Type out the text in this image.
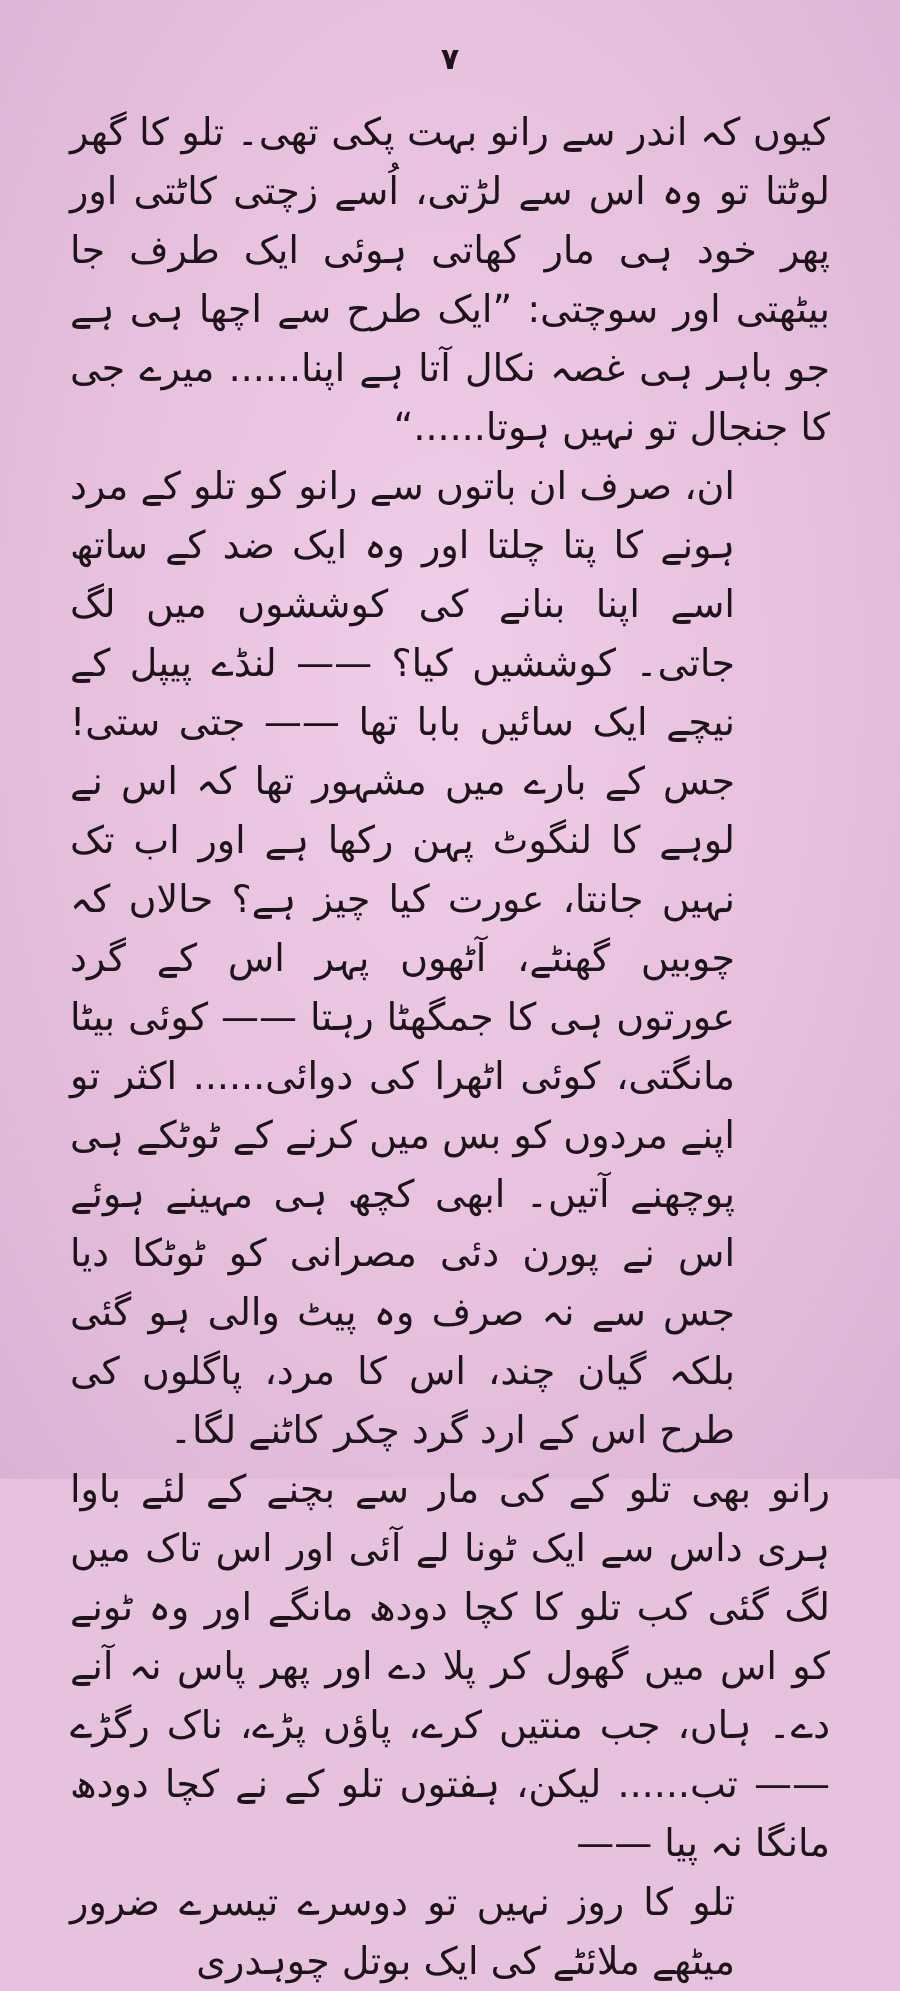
۷

کیوں کہ اندر سے رانو بہت پکی تھی۔ تلو کا گھر لوٹتا تو وہ اس سے لڑتی، اُسے زچتی کاٹتی اور پھر خود ہی مار کھاتی ہوئی ایک طرف جا بیٹھتی اور سوچتی: ”ایک طرح سے اچھا ہی ہے جو باہر ہی غصہ نکال آتا ہے اپنا...... میرے جی کا جنجال تو نہیں ہوتا......“

ان، صرف ان باتوں سے رانو کو تلو کے مرد ہونے کا پتا چلتا اور وہ ایک ضد کے ساتھ اسے اپنا بنانے کی کوششوں میں لگ جاتی۔ کوششیں کیا؟ —— لنڈے پیپل کے نیچے ایک سائیں بابا تھا —— جتی ستی! جس کے بارے میں مشہور تھا کہ اس نے لوہے کا لنگوٹ پہن رکھا ہے اور اب تک نہیں جانتا، عورت کیا چیز ہے؟ حالاں کہ چوبیں گھنٹے، آٹھوں پہر اس کے گرد عورتوں ہی کا جمگھٹا رہتا —— کوئی بیٹا مانگتی، کوئی اٹھرا کی دوائی...... اکثر تو اپنے مردوں کو بس میں کرنے کے ٹوٹکے ہی پوچھنے آتیں۔ ابھی کچھ ہی مہینے ہوئے اس نے پورن دئی مصرانی کو ٹوٹکا دیا جس سے نہ صرف وہ پیٹ والی ہو گئی بلکہ گیان چند، اس کا مرد، پاگلوں کی طرح اس کے ارد گرد چکر کاٹنے لگا۔

رانو بھی تلو کے کی مار سے بچنے کے لئے باوا ہری داس سے ایک ٹونا لے آئی اور اس تاک میں لگ گئی کب تلو کا کچا دودھ مانگے اور وہ ٹونے کو اس میں گھول کر پلا دے اور پھر پاس نہ آنے دے۔ ہاں، جب منتیں کرے، پاؤں پڑے، ناک رگڑے —— تب...... لیکن، ہفتوں تلو کے نے کچا دودھ مانگا نہ پیا ——

تلو کا روز نہیں تو دوسرے تیسرے ضرور میٹھے ملائٹے کی ایک بوتل چوہدری
